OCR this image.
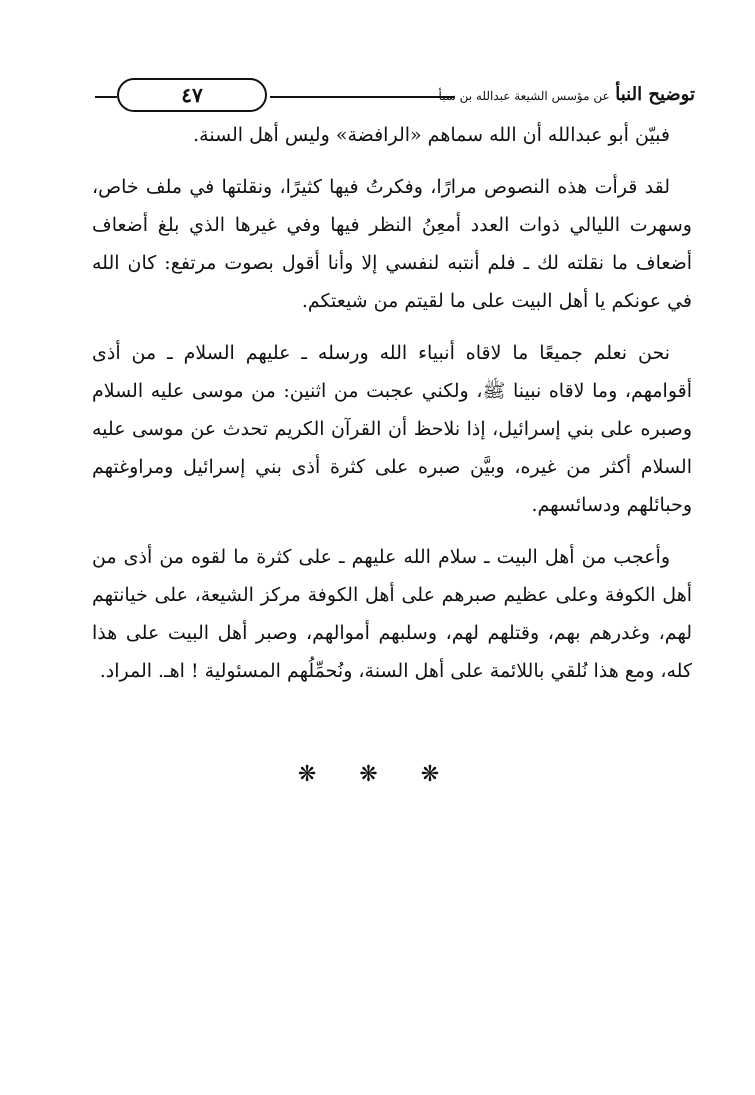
توضيح النبأ عن مؤسس الشيعة عبدالله بن سبأ
٤٧

فبيّن أبو عبدالله أن الله سماهم «الرافضة» وليس أهل السنة.

لقد قرأت هذه النصوص مرارًا، وفكرتُ فيها كثيرًا، ونقلتها في ملف خاص، وسهرت الليالي ذوات العدد أمعِنُ النظر فيها وفي غيرها الذي بلغ أضعاف أضعاف ما نقلته لك ـ فلم أنتبه لنفسي إلا وأنا أقول بصوت مرتفع: كان الله في عونكم يا أهل البيت على ما لقيتم من شيعتكم.

نحن نعلم جميعًا ما لاقاه أنبياء الله ورسله ـ عليهم السلام ـ من أذى أقوامهم، وما لاقاه نبينا ﷺ، ولكني عجبت من اثنين: من موسى عليه السلام وصبره على بني إسرائيل، إذا نلاحظ أن القرآن الكريم تحدث عن موسى عليه السلام أكثر من غيره، وبيَّن صبره على كثرة أذى بني إسرائيل ومراوغتهم وحبائلهم ودسائسهم.

وأعجب من أهل البيت ـ سلام الله عليهم ـ على كثرة ما لقوه من أذى من أهل الكوفة وعلى عظيم صبرهم على أهل الكوفة مركز الشيعة، على خيانتهم لهم، وغدرهم بهم، وقتلهم لهم، وسلبهم أموالهم، وصبر أهل البيت على هذا كله، ومع هذا نُلقي باللائمة على أهل السنة، ونُحمِّلُهم المسئولية ! اهـ. المراد.

❋ ❋ ❋
